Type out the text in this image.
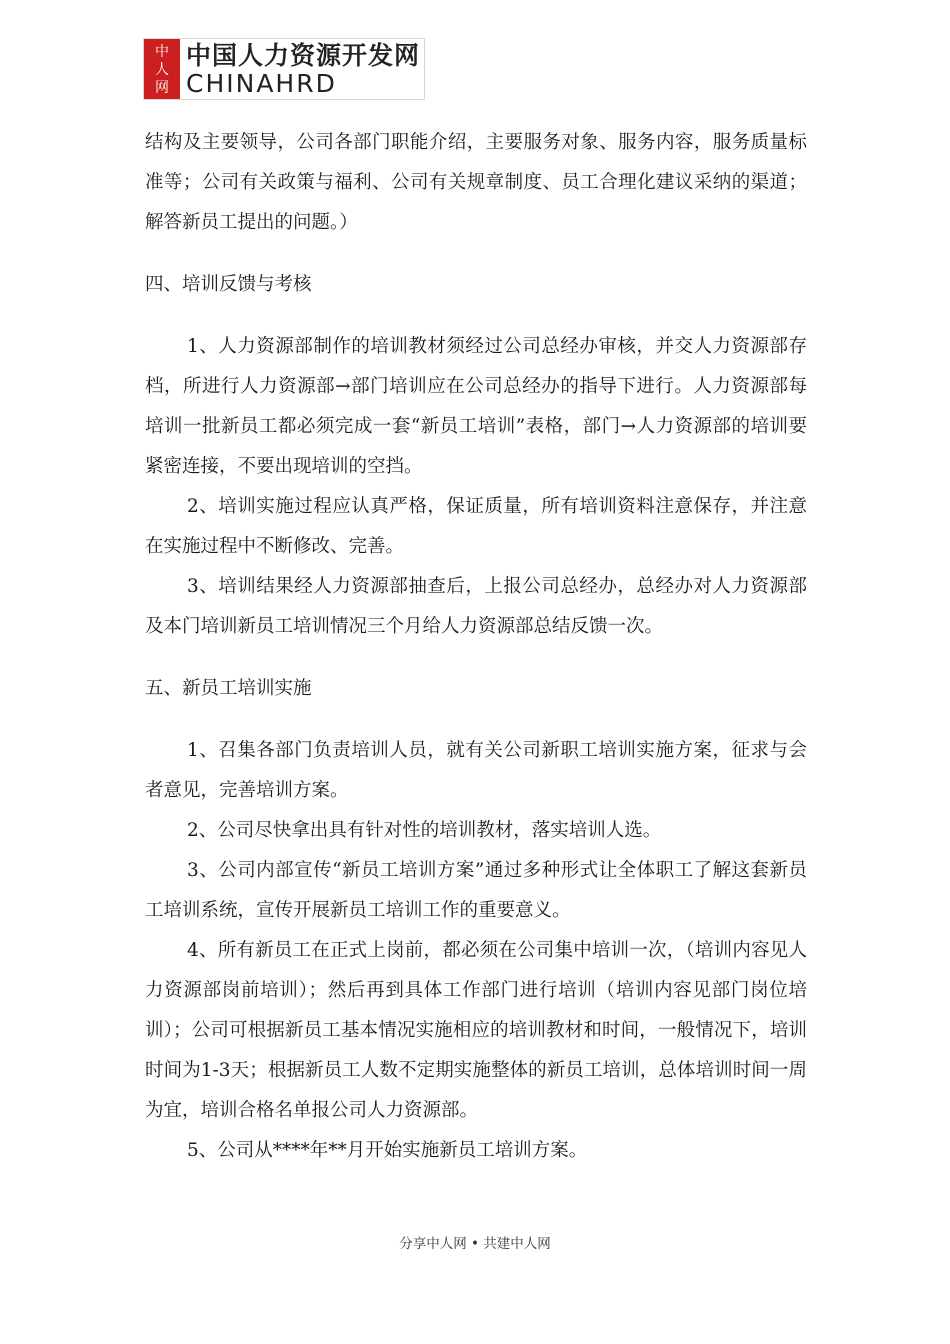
中
人
网
中国人力资源开发网
CHINAHRD

结构及主要领导，公司各部门职能介绍，主要服务对象、服务内容，服务质量标准等；公司有关政策与福利、公司有关规章制度、员工合理化建议采纳的渠道；解答新员工提出的问题。）

四、培训反馈与考核

1、人力资源部制作的培训教材须经过公司总经办审核，并交人力资源部存档，所进行人力资源部→部门培训应在公司总经办的指导下进行。人力资源部每培训一批新员工都必须完成一套“新员工培训”表格，部门→人力资源部的培训要紧密连接，不要出现培训的空挡。

2、培训实施过程应认真严格，保证质量，所有培训资料注意保存，并注意在实施过程中不断修改、完善。

3、培训结果经人力资源部抽查后，上报公司总经办，总经办对人力资源部及本门培训新员工培训情况三个月给人力资源部总结反馈一次。

五、新员工培训实施

1、召集各部门负责培训人员，就有关公司新职工培训实施方案，征求与会者意见，完善培训方案。

2、公司尽快拿出具有针对性的培训教材，落实培训人选。

3、公司内部宣传“新员工培训方案”通过多种形式让全体职工了解这套新员工培训系统，宣传开展新员工培训工作的重要意义。

4、所有新员工在正式上岗前，都必须在公司集中培训一次，（培训内容见人力资源部岗前培训）；然后再到具体工作部门进行培训（培训内容见部门岗位培训）；公司可根据新员工基本情况实施相应的培训教材和时间，一般情况下，培训时间为1-3天；根据新员工人数不定期实施整体的新员工培训，总体培训时间一周为宜，培训合格名单报公司人力资源部。

5、公司从****年**月开始实施新员工培训方案。

分享中人网 • 共建中人网
